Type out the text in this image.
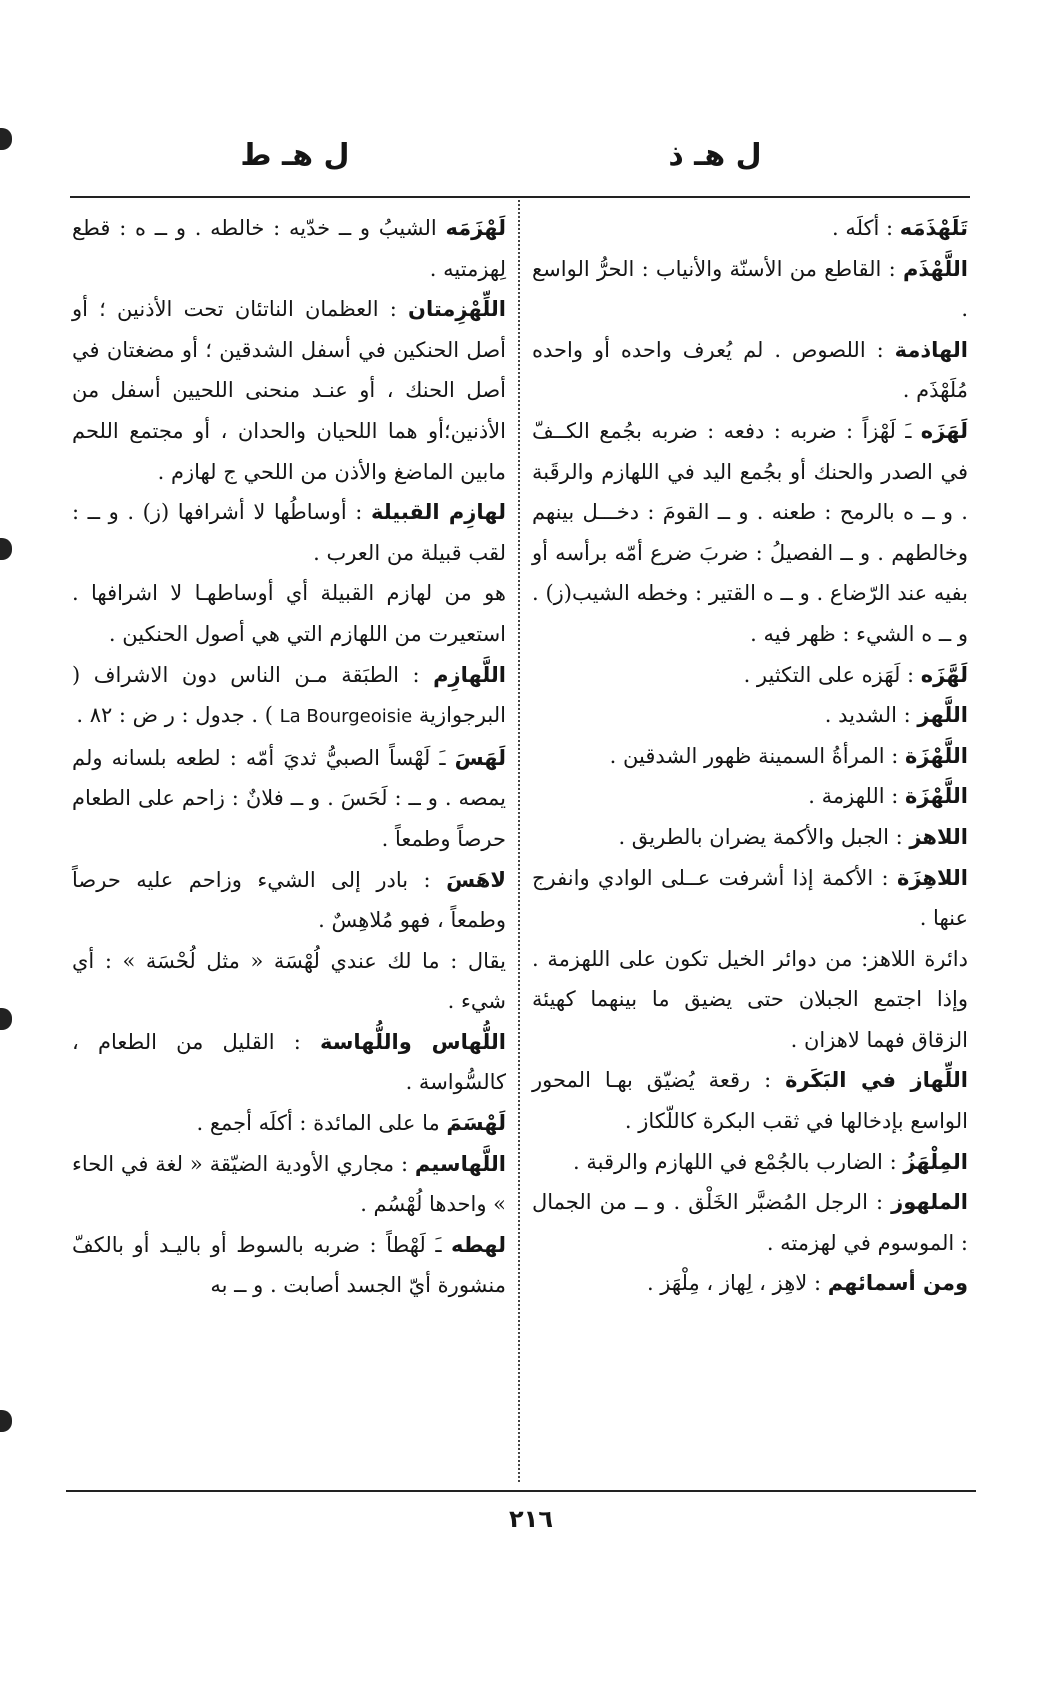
ل هـ ذ
ل هـ ط

تَلَهْذَمَه : أكلَه .

اللَّهْذَم : القاطع من الأسنّة والأنياب : الحرُّ الواسع .

الهاذمة : اللصوص . لم يُعرف واحده أو واحده مُلَهْذَم .

لَهَزَه ـَ لَهْزاً : ضربه : دفعه : ضربه بجُمع الكــفّ في الصدر والحنك أو بجُمع اليد في اللهازم والرقَبة . و ــ ه بالرمح : طعنه . و ــ القومَ : دخـــل بينهم وخالطهم . و ــ الفصيلُ : ضربَ ضرع أمّه برأسه أو بفيه عند الرّضاع . و ــ ه القتير : وخطه الشيب(ز) . و ــ ه الشيء : ظهر فيه .

لَهَّزَه : لَهَزه على التكثير .

اللَّهز : الشديد .

اللَّهْزَة : المرأةُ السمينة ظهور الشدقين .

اللَّهْزَة : اللهزمة .

اللاهز : الجبل والأكمة يضران بالطريق .

اللاهِزَة : الأكمة إذا أشرفت عــلى الوادي وانفرج عنها .

دائرة اللاهز: من دوائر الخيل تكون على اللهزمة . وإذا اجتمع الجبلان حتى يضيق ما بينهما كهيئة الزقاق فهما لاهزان .

اللِّهاز في البَكَرة : رقعة يُضيّق بهـا المحور الواسع بإدخالها في ثقب البكرة كاللّكاز .

المِلْهَزُ : الضارب بالجُمْع في اللهازم والرقبة .

الملهوز : الرجل المُضبَّر الخَلْق . و ــ من الجمال : الموسوم في لهزمته .

ومن أسمائهم : لاهِز ، لِهاز ، مِلْهَز .

لَهْزَمَه الشيبُ و ــ خدّيه : خالطه . و ــ ه : قطع لِهزمتيه .

اللِّهْزِمتان : العظمان الناتئان تحت الأذنين ؛ أو أصل الحنكين في أسفل الشدقين ؛ أو مضغتان في أصل الحنك ، أو عنـد منحنى اللحيين أسفل من الأذنين؛أو هما اللحيان والحدان ، أو مجتمع اللحم مابين الماضغ والأذن من اللحي ج لهازم .

لهازِم القبيلة : أوساطُها لا أشرافها (ز) . و ــ : لقب قبيلة من العرب .

هو من لهازم القبيلة أي أوساطهـا لا اشرافها . استعيرت من اللهازم التي هي أصول الحنكين .

اللَّهازِم : الطبَقة مـن الناس دون الاشراف ( البرجوازية La Bourgeoisie ) . جدول : ر ض : ٨٢ .

لَهَسَ ـَ لَهْساً الصبيُّ ثديَ أمّه : لطعه بلسانه ولم يمصه . و ــ : لَحَسَ . و ــ فلانٌ : زاحم على الطعام حرصاً وطمعاً .

لاهَسَ : بادر إلى الشيء وزاحم عليه حرصاً وطمعاً ، فهو مُلاهِسٌ .

يقال : ما لك عندي لُهْسَة « مثل لُحْسَة » : أي شيء .

اللُّهاس واللُّهاسة : القليل من الطعام ، كالسُّواسة .

لَهْسَمَ ما على المائدة : أكلَه أجمع .

اللَّهاسيم : مجاري الأودية الضيّقة « لغة في الحاء » واحدها لُهْسُم .

لهطه ـَ لَهْطاً : ضربه بالسوط أو باليـد أو بالكفّ منشورة أيّ الجسد أصابت . و ــ به

٢١٦
